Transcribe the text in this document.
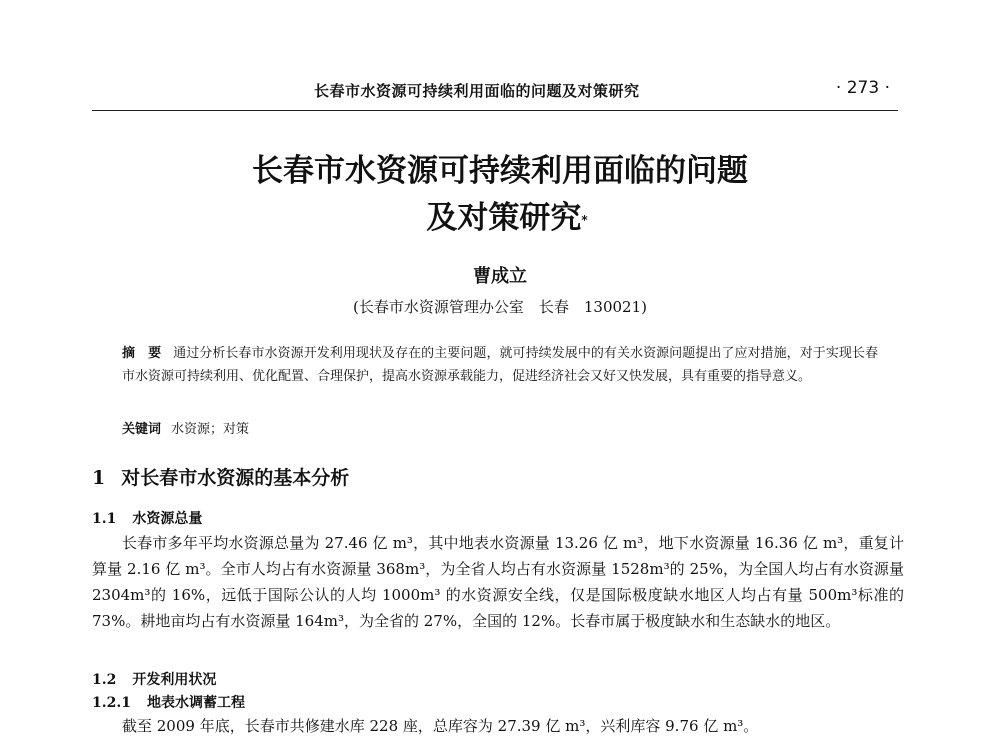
长春市水资源可持续利用面临的问题及对策研究	· 273 ·
长春市水资源可持续利用面临的问题
及对策研究*
曹成立
(长春市水资源管理办公室　长春　130021)
摘　要 通过分析长春市水资源开发利用现状及存在的主要问题，就可持续发展中的有关水资源问题提出了应对措施，对于实现长春市水资源可持续利用、优化配置、合理保护，提高水资源承载能力，促进经济社会又好又快发展，具有重要的指导意义。
关键词 水资源；对策
1 对长春市水资源的基本分析
1.1 水资源总量

长春市多年平均水资源总量为 27.46 亿 m³，其中地表水资源量 13.26 亿 m³，地下水资源量 16.36 亿 m³，重复计算量 2.16 亿 m³。全市人均占有水资源量 368m³，为全省人均占有水资源量 1528m³的 25%，为全国人均占有水资源量 2304m³的 16%，远低于国际公认的人均 1000m³ 的水资源安全线，仅是国际极度缺水地区人均占有量 500m³标准的 73%。耕地亩均占有水资源量 164m³，为全省的 27%，全国的 12%。长春市属于极度缺水和生态缺水的地区。

1.2 开发利用状况
1.2.1 地表水调蓄工程

截至 2009 年底，长春市共修建水库 228 座，总库容为 27.39 亿 m³，兴利库容 9.76 亿 m³。
